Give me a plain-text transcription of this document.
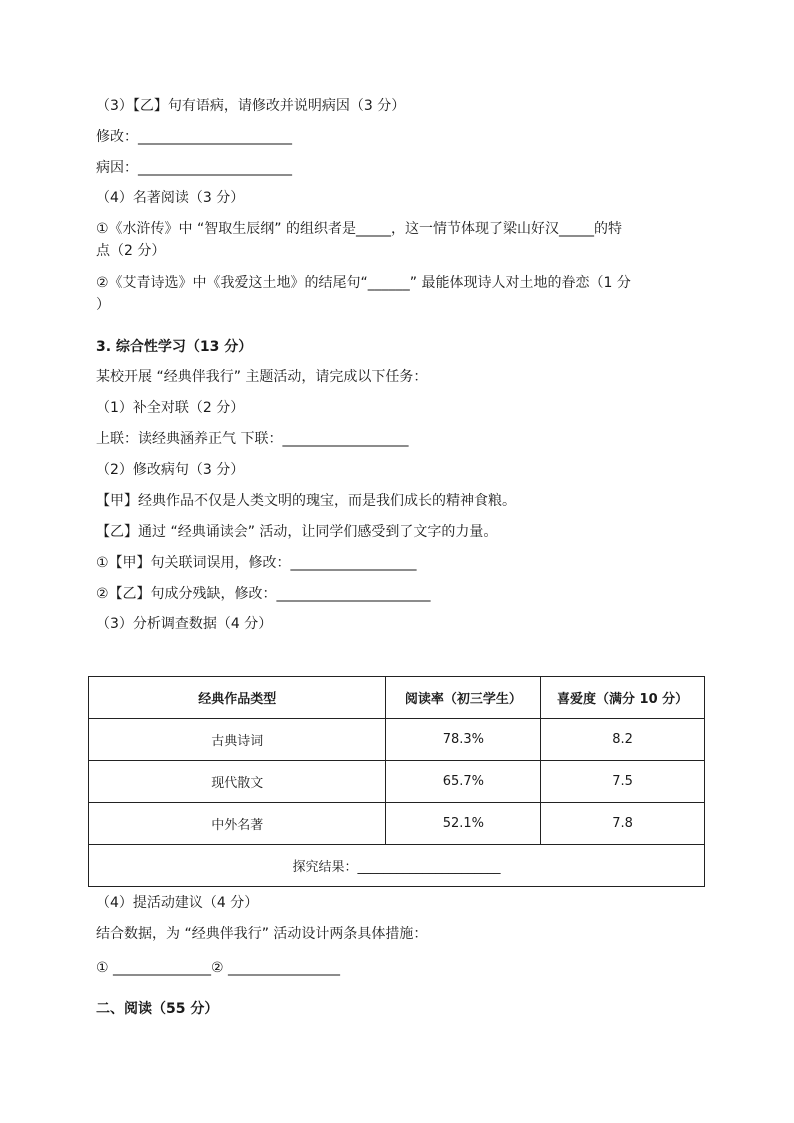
（3）【乙】句有语病，请修改并说明病因（3 分）
修改：______________________
病因：______________________
（4）名著阅读（3 分）
①《水浒传》中 “智取生辰纲” 的组织者是_____，这一情节体现了梁山好汉_____的特
点（2 分）
②《艾青诗选》中《我爱这土地》的结尾句“______” 最能体现诗人对土地的眷恋（1 分
）
3. 综合性学习（13 分）
某校开展 “经典伴我行” 主题活动，请完成以下任务：
（1）补全对联（2 分）
上联：读经典涵养正气 下联：__________________
（2）修改病句（3 分）
【甲】经典作品不仅是人类文明的瑰宝，而是我们成长的精神食粮。
【乙】通过 “经典诵读会” 活动，让同学们感受到了文字的力量。
①【甲】句关联词误用，修改：__________________
②【乙】句成分残缺，修改：______________________
（3）分析调查数据（4 分）
经典作品类型	阅读率（初三学生）	喜爱度（满分 10 分）
古典诗词	78.3%	8.2
现代散文	65.7%	7.5
中外名著	52.1%	7.8
探究结果：______________________		
（4）提活动建议（4 分）
结合数据，为 “经典伴我行” 活动设计两条具体措施：
① ______________② ________________
二、阅读（55 分）
